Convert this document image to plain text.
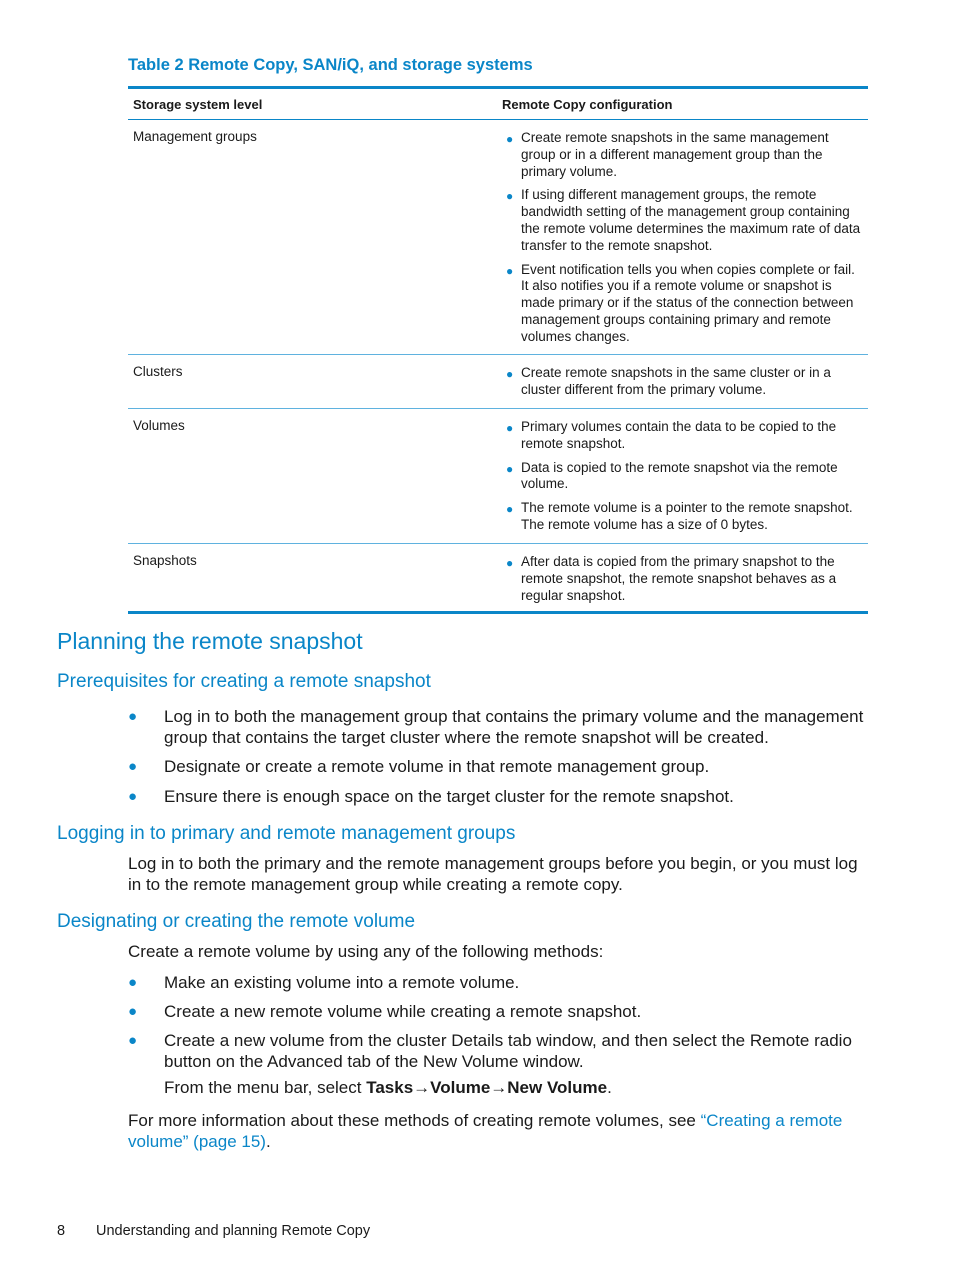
Table 2 Remote Copy, SAN/iQ, and storage systems
Storage system level	Remote Copy configuration
Management groups	● Create remote snapshots in the same management group or in a different management group than the primary volume.
● If using different management groups, the remote bandwidth setting of the management group containing the remote volume determines the maximum rate of data transfer to the remote snapshot.
● Event notification tells you when copies complete or fail. It also notifies you if a remote volume or snapshot is made primary or if the status of the connection between management groups containing primary and remote volumes changes.
Clusters	● Create remote snapshots in the same cluster or in a cluster different from the primary volume.
Volumes	● Primary volumes contain the data to be copied to the remote snapshot.
● Data is copied to the remote snapshot via the remote volume.
● The remote volume is a pointer to the remote snapshot. The remote volume has a size of 0 bytes.
Snapshots	● After data is copied from the primary snapshot to the remote snapshot, the remote snapshot behaves as a regular snapshot.
Planning the remote snapshot
Prerequisites for creating a remote snapshot
● Log in to both the management group that contains the primary volume and the management group that contains the target cluster where the remote snapshot will be created.
● Designate or create a remote volume in that remote management group.
● Ensure there is enough space on the target cluster for the remote snapshot.
Logging in to primary and remote management groups
Log in to both the primary and the remote management groups before you begin, or you must log in to the remote management group while creating a remote copy.
Designating or creating the remote volume
Create a remote volume by using any of the following methods:
● Make an existing volume into a remote volume.
● Create a new remote volume while creating a remote snapshot.
● Create a new volume from the cluster Details tab window, and then select the Remote radio button on the Advanced tab of the New Volume window.
From the menu bar, select Tasks→Volume→New Volume.
For more information about these methods of creating remote volumes, see “Creating a remote volume” (page 15).
8 Understanding and planning Remote Copy
